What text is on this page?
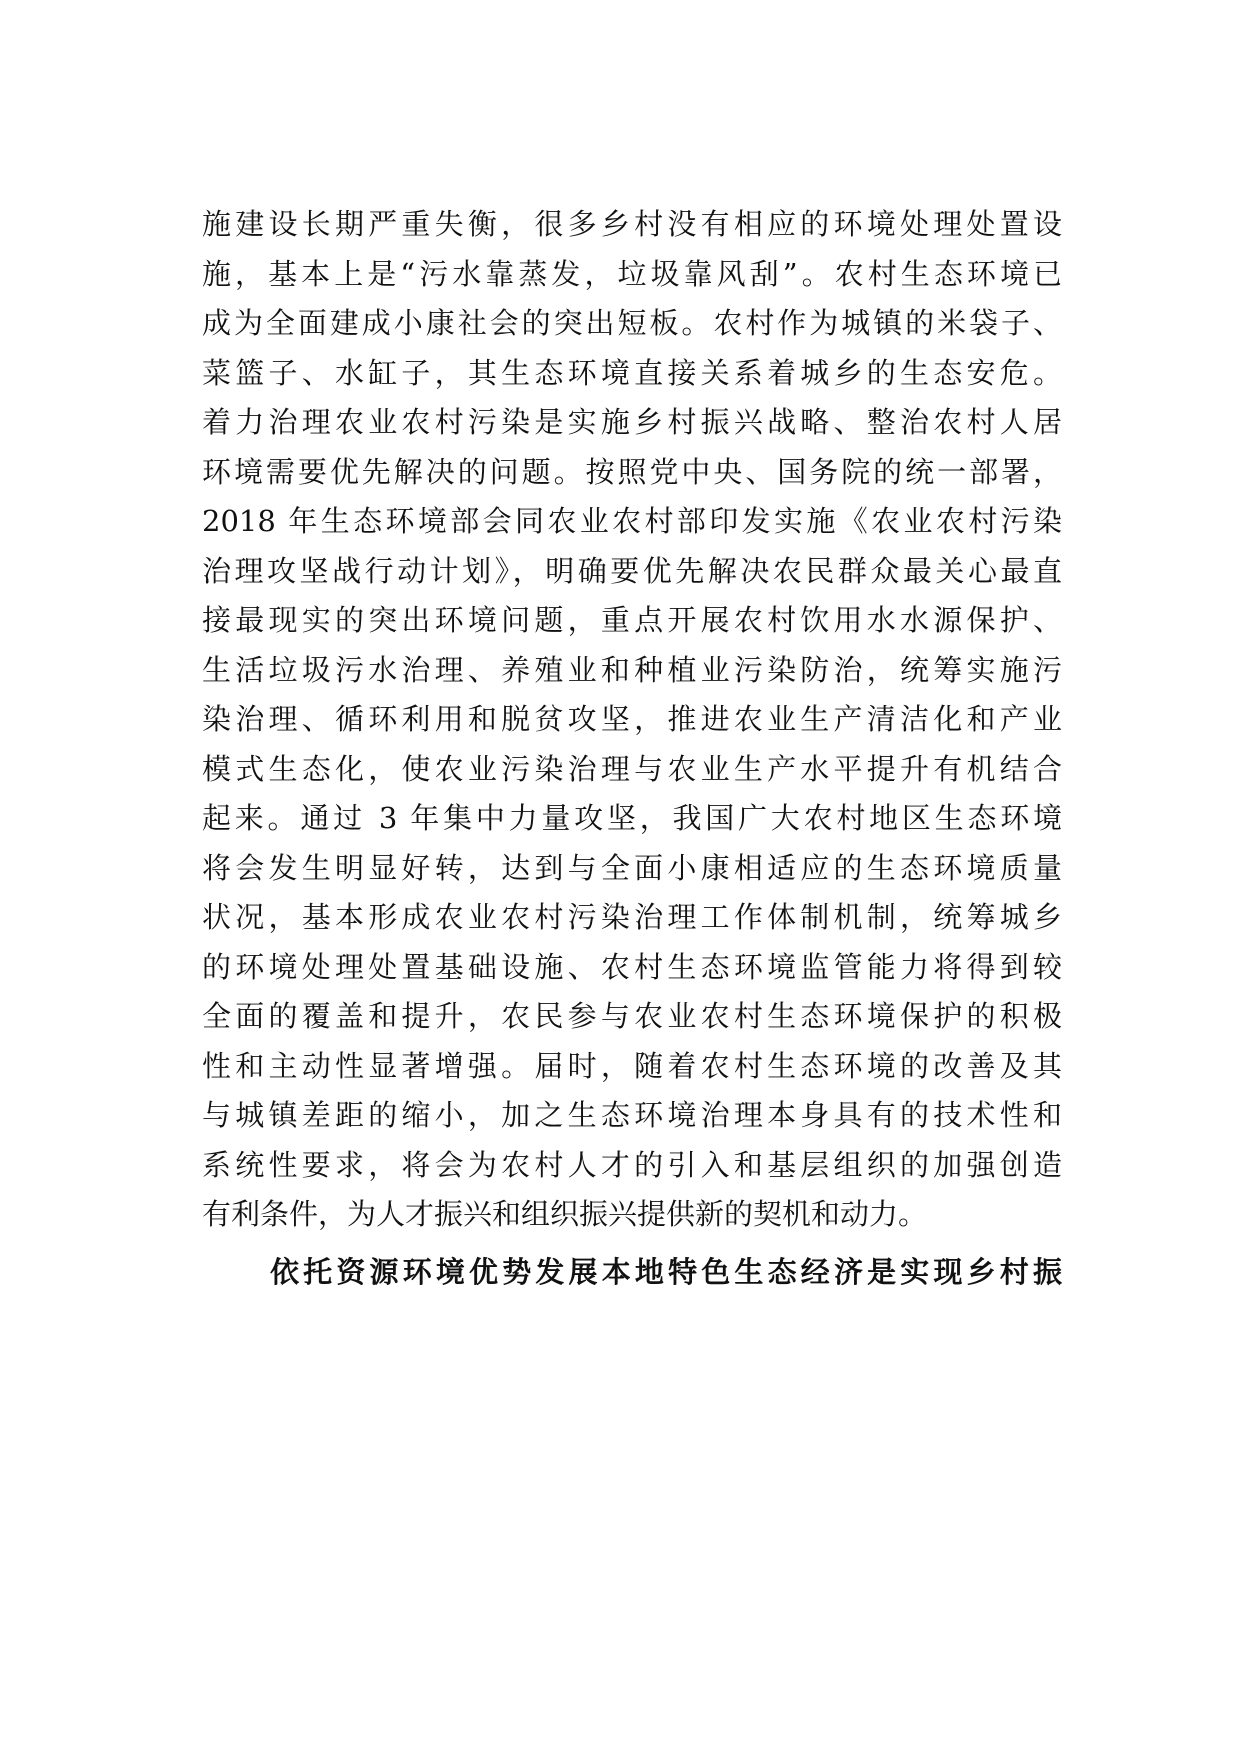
施建设长期严重失衡，很多乡村没有相应的环境处理处置设
施，基本上是“污水靠蒸发，垃圾靠风刮”。农村生态环境已
成为全面建成小康社会的突出短板。农村作为城镇的米袋子、
菜篮子、水缸子，其生态环境直接关系着城乡的生态安危。
着力治理农业农村污染是实施乡村振兴战略、整治农村人居
环境需要优先解决的问题。按照党中央、国务院的统一部署，
2018 年生态环境部会同农业农村部印发实施《农业农村污染
治理攻坚战行动计划》，明确要优先解决农民群众最关心最直
接最现实的突出环境问题，重点开展农村饮用水水源保护、
生活垃圾污水治理、养殖业和种植业污染防治，统筹实施污
染治理、循环利用和脱贫攻坚，推进农业生产清洁化和产业
模式生态化，使农业污染治理与农业生产水平提升有机结合
起来。通过 3 年集中力量攻坚，我国广大农村地区生态环境
将会发生明显好转，达到与全面小康相适应的生态环境质量
状况，基本形成农业农村污染治理工作体制机制，统筹城乡
的环境处理处置基础设施、农村生态环境监管能力将得到较
全面的覆盖和提升，农民参与农业农村生态环境保护的积极
性和主动性显著增强。届时，随着农村生态环境的改善及其
与城镇差距的缩小，加之生态环境治理本身具有的技术性和
系统性要求，将会为农村人才的引入和基层组织的加强创造
有利条件，为人才振兴和组织振兴提供新的契机和动力。
依托资源环境优势发展本地特色生态经济是实现乡村振
